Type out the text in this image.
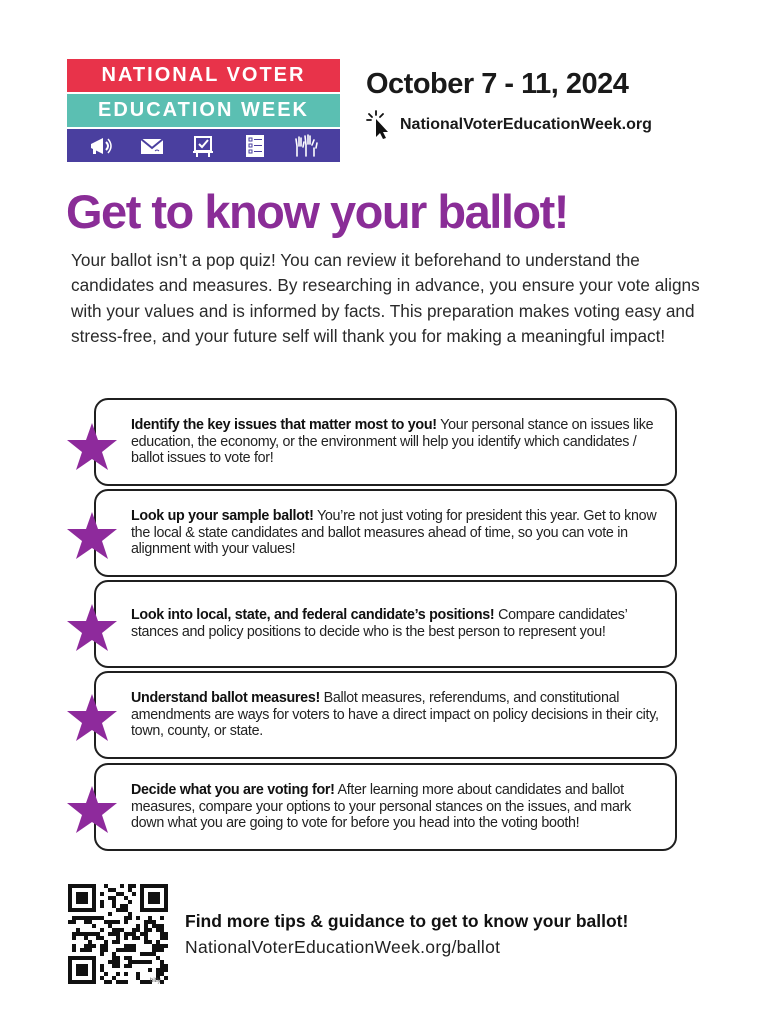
NATIONAL VOTER
EDUCATION WEEK
October 7 - 11, 2024
NationalVoterEducationWeek.org
Get to know your ballot!

Your ballot isn’t a pop quiz! You can review it beforehand to understand the candidates and measures. By researching in advance, you ensure your vote aligns with your values and is informed by facts. This preparation makes voting easy and stress-free, and your future self will thank you for making a meaningful impact!

Identify the key issues that matter most to you! Your personal stance on issues like education, the economy, or the environment will help you identify which candidates / ballot issues to vote for!
Look up your sample ballot! You’re not just voting for president this year. Get to know the local & state candidates and ballot measures ahead of time, so you can vote in alignment with your values!
Look into local, state, and federal candidate’s positions! Compare candidates’ stances and policy positions to decide who is the best person to represent you!
Understand ballot measures! Ballot measures, referendums, and constitutional amendments are ways for voters to have a direct impact on policy decisions in their city, town, county, or state.
Decide what you are voting for! After learning more about candidates and ballot measures, compare your options to your personal stances on the issues, and mark down what you are going to vote for before you head into the voting booth!
bitly
Find more tips & guidance to get to know your ballot!
NationalVoterEducationWeek.org/ballot
